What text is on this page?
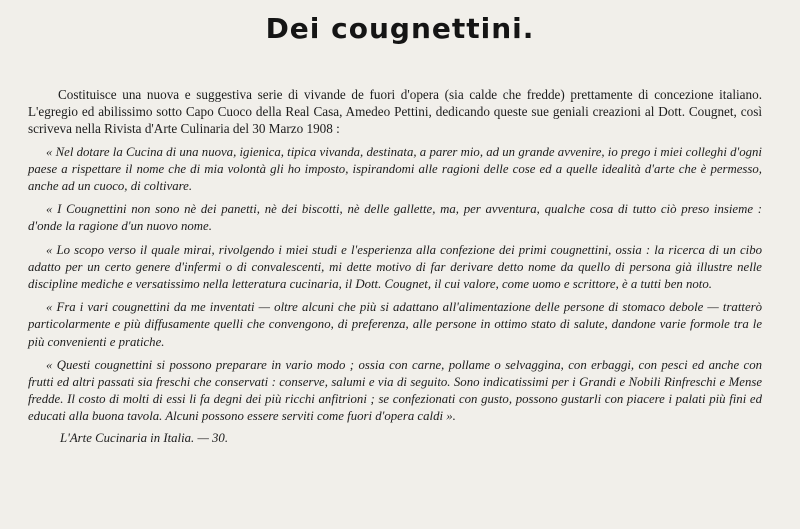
Dei cougnettini.

Costituisce una nuova e suggestiva serie di vivande de fuori d'opera (sia calde che fredde) prettamente di concezione italiano. L'egregio ed abilissimo sotto Capo Cuoco della Real Casa, Amedeo Pettini, dedicando queste sue geniali creazioni al Dott. Cougnet, così scriveva nella Rivista d'Arte Culinaria del 30 Marzo 1908 :

« Nel dotare la Cucina di una nuova, igienica, tipica vivanda, destinata, a parer mio, ad un grande avvenire, io prego i miei colleghi d'ogni paese a rispettare il nome che di mia volontà gli ho imposto, ispirandomi alle ragioni delle cose ed a quelle idealità d'arte che è permesso, anche ad un cuoco, di coltivare.

« I Cougnettini non sono nè dei panetti, nè dei biscotti, nè delle gallette, ma, per avventura, qualche cosa di tutto ciò preso insieme : d'onde la ragione d'un nuovo nome.

« Lo scopo verso il quale mirai, rivolgendo i miei studi e l'esperienza alla confezione dei primi cougnettini, ossia : la ricerca di un cibo adatto per un certo genere d'infermi o di convalescenti, mi dette motivo di far derivare detto nome da quello di persona già illustre nelle discipline mediche e versatissimo nella letteratura cucinaria, il Dott. Cougnet, il cui valore, come uomo e scrittore, è a tutti ben noto.

« Fra i vari cougnettini da me inventati — oltre alcuni che più si adattano all'alimentazione delle persone di stomaco debole — tratterò particolarmente e più diffusamente quelli che convengono, di preferenza, alle persone in ottimo stato di salute, dandone varie formole tra le più convenienti e pratiche.

« Questi cougnettini si possono preparare in vario modo ; ossia con carne, pollame o selvaggina, con erbaggi, con pesci ed anche con frutti ed altri passati sia freschi che conservati : conserve, salumi e via di seguito. Sono indicatissimi per i Grandi e Nobili Rinfreschi e Mense fredde. Il costo di molti di essi li fa degni dei più ricchi anfitrioni ; se confezionati con gusto, possono gustarli con piacere i palati più fini ed educati alla buona tavola. Alcuni possono essere serviti come fuori d'opera caldi ».

L'Arte Cucinaria in Italia. — 30.
